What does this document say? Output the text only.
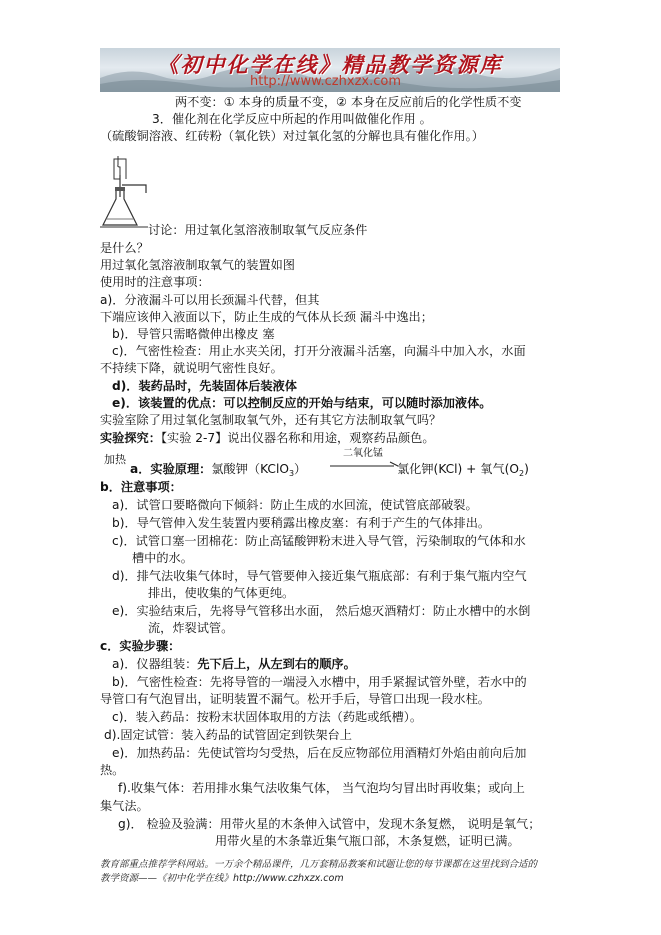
《初中化学在线》精品教学资源库
http://www.czhxzx.com
两不变：① 本身的质量不变，② 本身在反应前后的化学性质不变
3．催化剂在化学反应中所起的作用叫做催化作用 。
（硫酸铜溶液、红砖粉（氧化铁）对过氧化氢的分解也具有催化作用。）
讨论：用过氧化氢溶液制取氧气反应条件
是什么？
用过氧化氢溶液制取氧气的装置如图
使用时的注意事项：
a)．分液漏斗可以用长颈漏斗代替，但其
下端应该伸入液面以下，防止生成的气体从长颈 漏斗中逸出；
b)．导管只需略微伸出橡皮 塞
c)．气密性检查：用止水夹关闭，打开分液漏斗活塞，向漏斗中加入水，水面
不持续下降，就说明气密性良好。
d)．装药品时，先装固体后装液体
e)．该装置的优点：可以控制反应的开始与结束，可以随时添加液体。
实验室除了用过氧化氢制取氧气外，还有其它方法制取氧气吗？
实验探究：【实验 2-7】说出仪器名称和用途，观察药品颜色。
加热	二氧化锰
a．实验原理：氯酸钾（KClO$_3$）	氯化钾(KCl) + 氧气$(O_2)$
b．注意事项：
a)．试管口要略微向下倾斜：防止生成的水回流，使试管底部破裂。
b)．导气管伸入发生装置内要稍露出橡皮塞：有利于产生的气体排出。
c)．试管口塞一团棉花：防止高锰酸钾粉末进入导气管，污染制取的气体和水
槽中的水。
d)．排气法收集气体时，导气管要伸入接近集气瓶底部：有利于集气瓶内空气
排出，使收集的气体更纯。
e)．实验结束后，先将导气管移出水面， 然后熄灭酒精灯：防止水槽中的水倒
流，炸裂试管。
c．实验步骤：
a)．仪器组装：先下后上，从左到右的顺序。
b)．气密性检查：先将导管的一端浸入水槽中，用手紧握试管外壁，若水中的
导管口有气泡冒出，证明装置不漏气。松开手后，导管口出现一段水柱。
c)．装入药品：按粉末状固体取用的方法（药匙或纸槽）。
d).固定试管：装入药品的试管固定到铁架台上
e)．加热药品：先使试管均匀受热，后在反应物部位用酒精灯外焰由前向后加
热。
f).收集气体：若用排水集气法收集气体， 当气泡均匀冒出时再收集；或向上
集气法。
g)． 检验及验满：用带火星的木条伸入试管中，发现木条复燃， 说明是氧气；
用带火星的木条靠近集气瓶口部，木条复燃，证明已满。
教育部重点推荐学科网站。一万余个精品课件，几万套精品教案和试题让您的每节课都在这里找到合适的
教学资源——《初中化学在线》http://www.czhxzx.com
